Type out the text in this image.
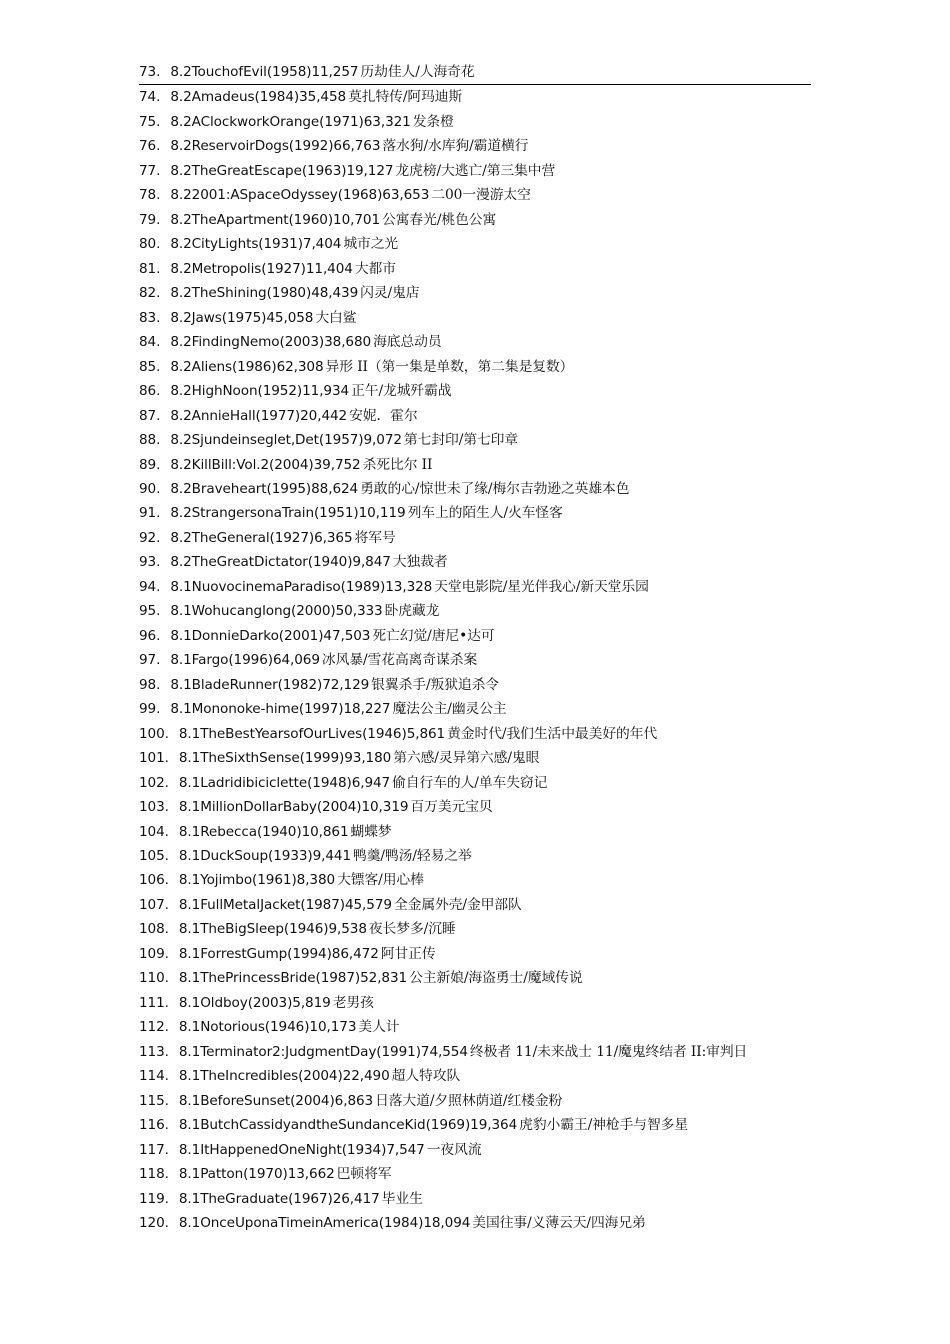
73. 8.2TouchofEvil(1958)11,257 历劫佳人/人海奇花
74. 8.2Amadeus(1984)35,458 莫扎特传/阿玛迪斯
75. 8.2AClockworkOrange(1971)63,321 发条橙
76. 8.2ReservoirDogs(1992)66,763 落水狗/水库狗/霸道横行
77. 8.2TheGreatEscape(1963)19,127 龙虎榜/大逃亡/第三集中营
78. 8.22001:ASpaceOdyssey(1968)63,653 二00一漫游太空
79. 8.2TheApartment(1960)10,701 公寓春光/桃色公寓
80. 8.2CityLights(1931)7,404 城市之光
81. 8.2Metropolis(1927)11,404 大都市
82. 8.2TheShining(1980)48,439 闪灵/鬼店
83. 8.2Jaws(1975)45,058 大白鲨
84. 8.2FindingNemo(2003)38,680 海底总动员
85. 8.2Aliens(1986)62,308 异形 II（第一集是单数，第二集是复数）
86. 8.2HighNoon(1952)11,934 正午/龙城歼霸战
87. 8.2AnnieHall(1977)20,442 安妮．霍尔
88. 8.2Sjundeinseglet,Det(1957)9,072 第七封印/第七印章
89. 8.2KillBill:Vol.2(2004)39,752 杀死比尔 II
90. 8.2Braveheart(1995)88,624 勇敢的心/惊世未了缘/梅尔吉勃逊之英雄本色
91. 8.2StrangersonaTrain(1951)10,119 列车上的陌生人/火车怪客
92. 8.2TheGeneral(1927)6,365 将军号
93. 8.2TheGreatDictator(1940)9,847 大独裁者
94. 8.1NuovocinemaParadiso(1989)13,328 天堂电影院/星光伴我心/新天堂乐园
95. 8.1Wohucanglong(2000)50,333 卧虎藏龙
96. 8.1DonnieDarko(2001)47,503 死亡幻觉/唐尼•达可
97. 8.1Fargo(1996)64,069 冰风暴/雪花高离奇谋杀案
98. 8.1BladeRunner(1982)72,129 银翼杀手/叛狱追杀令
99. 8.1Mononoke-hime(1997)18,227 魔法公主/幽灵公主
100. 8.1TheBestYearsofOurLives(1946)5,861 黄金时代/我们生活中最美好的年代
101. 8.1TheSixthSense(1999)93,180 第六感/灵异第六感/鬼眼
102. 8.1Ladridibiciclette(1948)6,947 偷自行车的人/单车失窃记
103. 8.1MillionDollarBaby(2004)10,319 百万美元宝贝
104. 8.1Rebecca(1940)10,861 蝴蝶梦
105. 8.1DuckSoup(1933)9,441 鸭羹/鸭汤/轻易之举
106. 8.1Yojimbo(1961)8,380 大镖客/用心棒
107. 8.1FullMetalJacket(1987)45,579 全金属外壳/金甲部队
108. 8.1TheBigSleep(1946)9,538 夜长梦多/沉睡
109. 8.1ForrestGump(1994)86,472 阿甘正传
110. 8.1ThePrincessBride(1987)52,831 公主新娘/海盗勇士/魔域传说
111. 8.1Oldboy(2003)5,819 老男孩
112. 8.1Notorious(1946)10,173 美人计
113. 8.1Terminator2:JudgmentDay(1991)74,554 终极者 11/未来战士 11/魔鬼终结者 II:审判日
114. 8.1TheIncredibles(2004)22,490 超人特攻队
115. 8.1BeforeSunset(2004)6,863 日落大道/夕照林荫道/红楼金粉
116. 8.1ButchCassidyandtheSundanceKid(1969)19,364 虎豹小霸王/神枪手与智多星
117. 8.1ItHappenedOneNight(1934)7,547 一夜风流
118. 8.1Patton(1970)13,662 巴顿将军
119. 8.1TheGraduate(1967)26,417 毕业生
120. 8.1OnceUponaTimeinAmerica(1984)18,094 美国往事/义薄云天/四海兄弟
